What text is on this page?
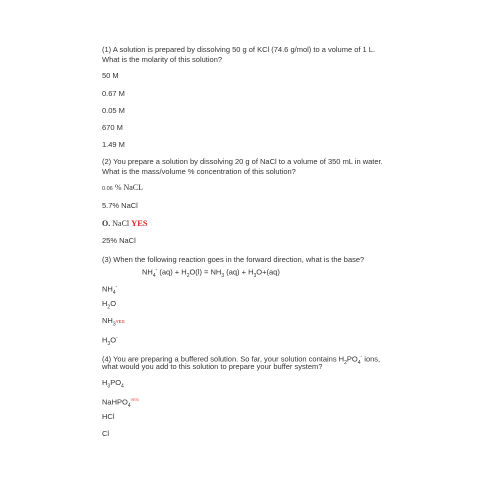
(1) A solution is prepared by dissolving 50 g of KCl (74.6 g/mol) to a volume of 1 L.
What is the molarity of this solution?
50 M
0.67 M
0.05 M
670 M
1.49 M
(2) You prepare a solution by dissolving 20 g of NaCl to a volume of 350 mL in water.
What is the mass/volume % concentration of this solution?
0.06 % NaCL
5.7% NaCl
O. NaCl YES
25% NaCl
(3) When the following reaction goes in the forward direction, what is the base?
$NH_4^-$ $(aq) + H_2O(l) = NH_3$ $(aq) + H_3O+(aq)$
$NH_4^-$
$H_2O$
$NH_3YES$
$H_3O^-$
(4) You are preparing a buffered solution. So far, your solution contains $H_2PO_4^-$ ions,
what would you add to this solution to prepare your buffer system?
$H_3PO_4$
NaHPO$_4^{YES}$
HCl
Cl
